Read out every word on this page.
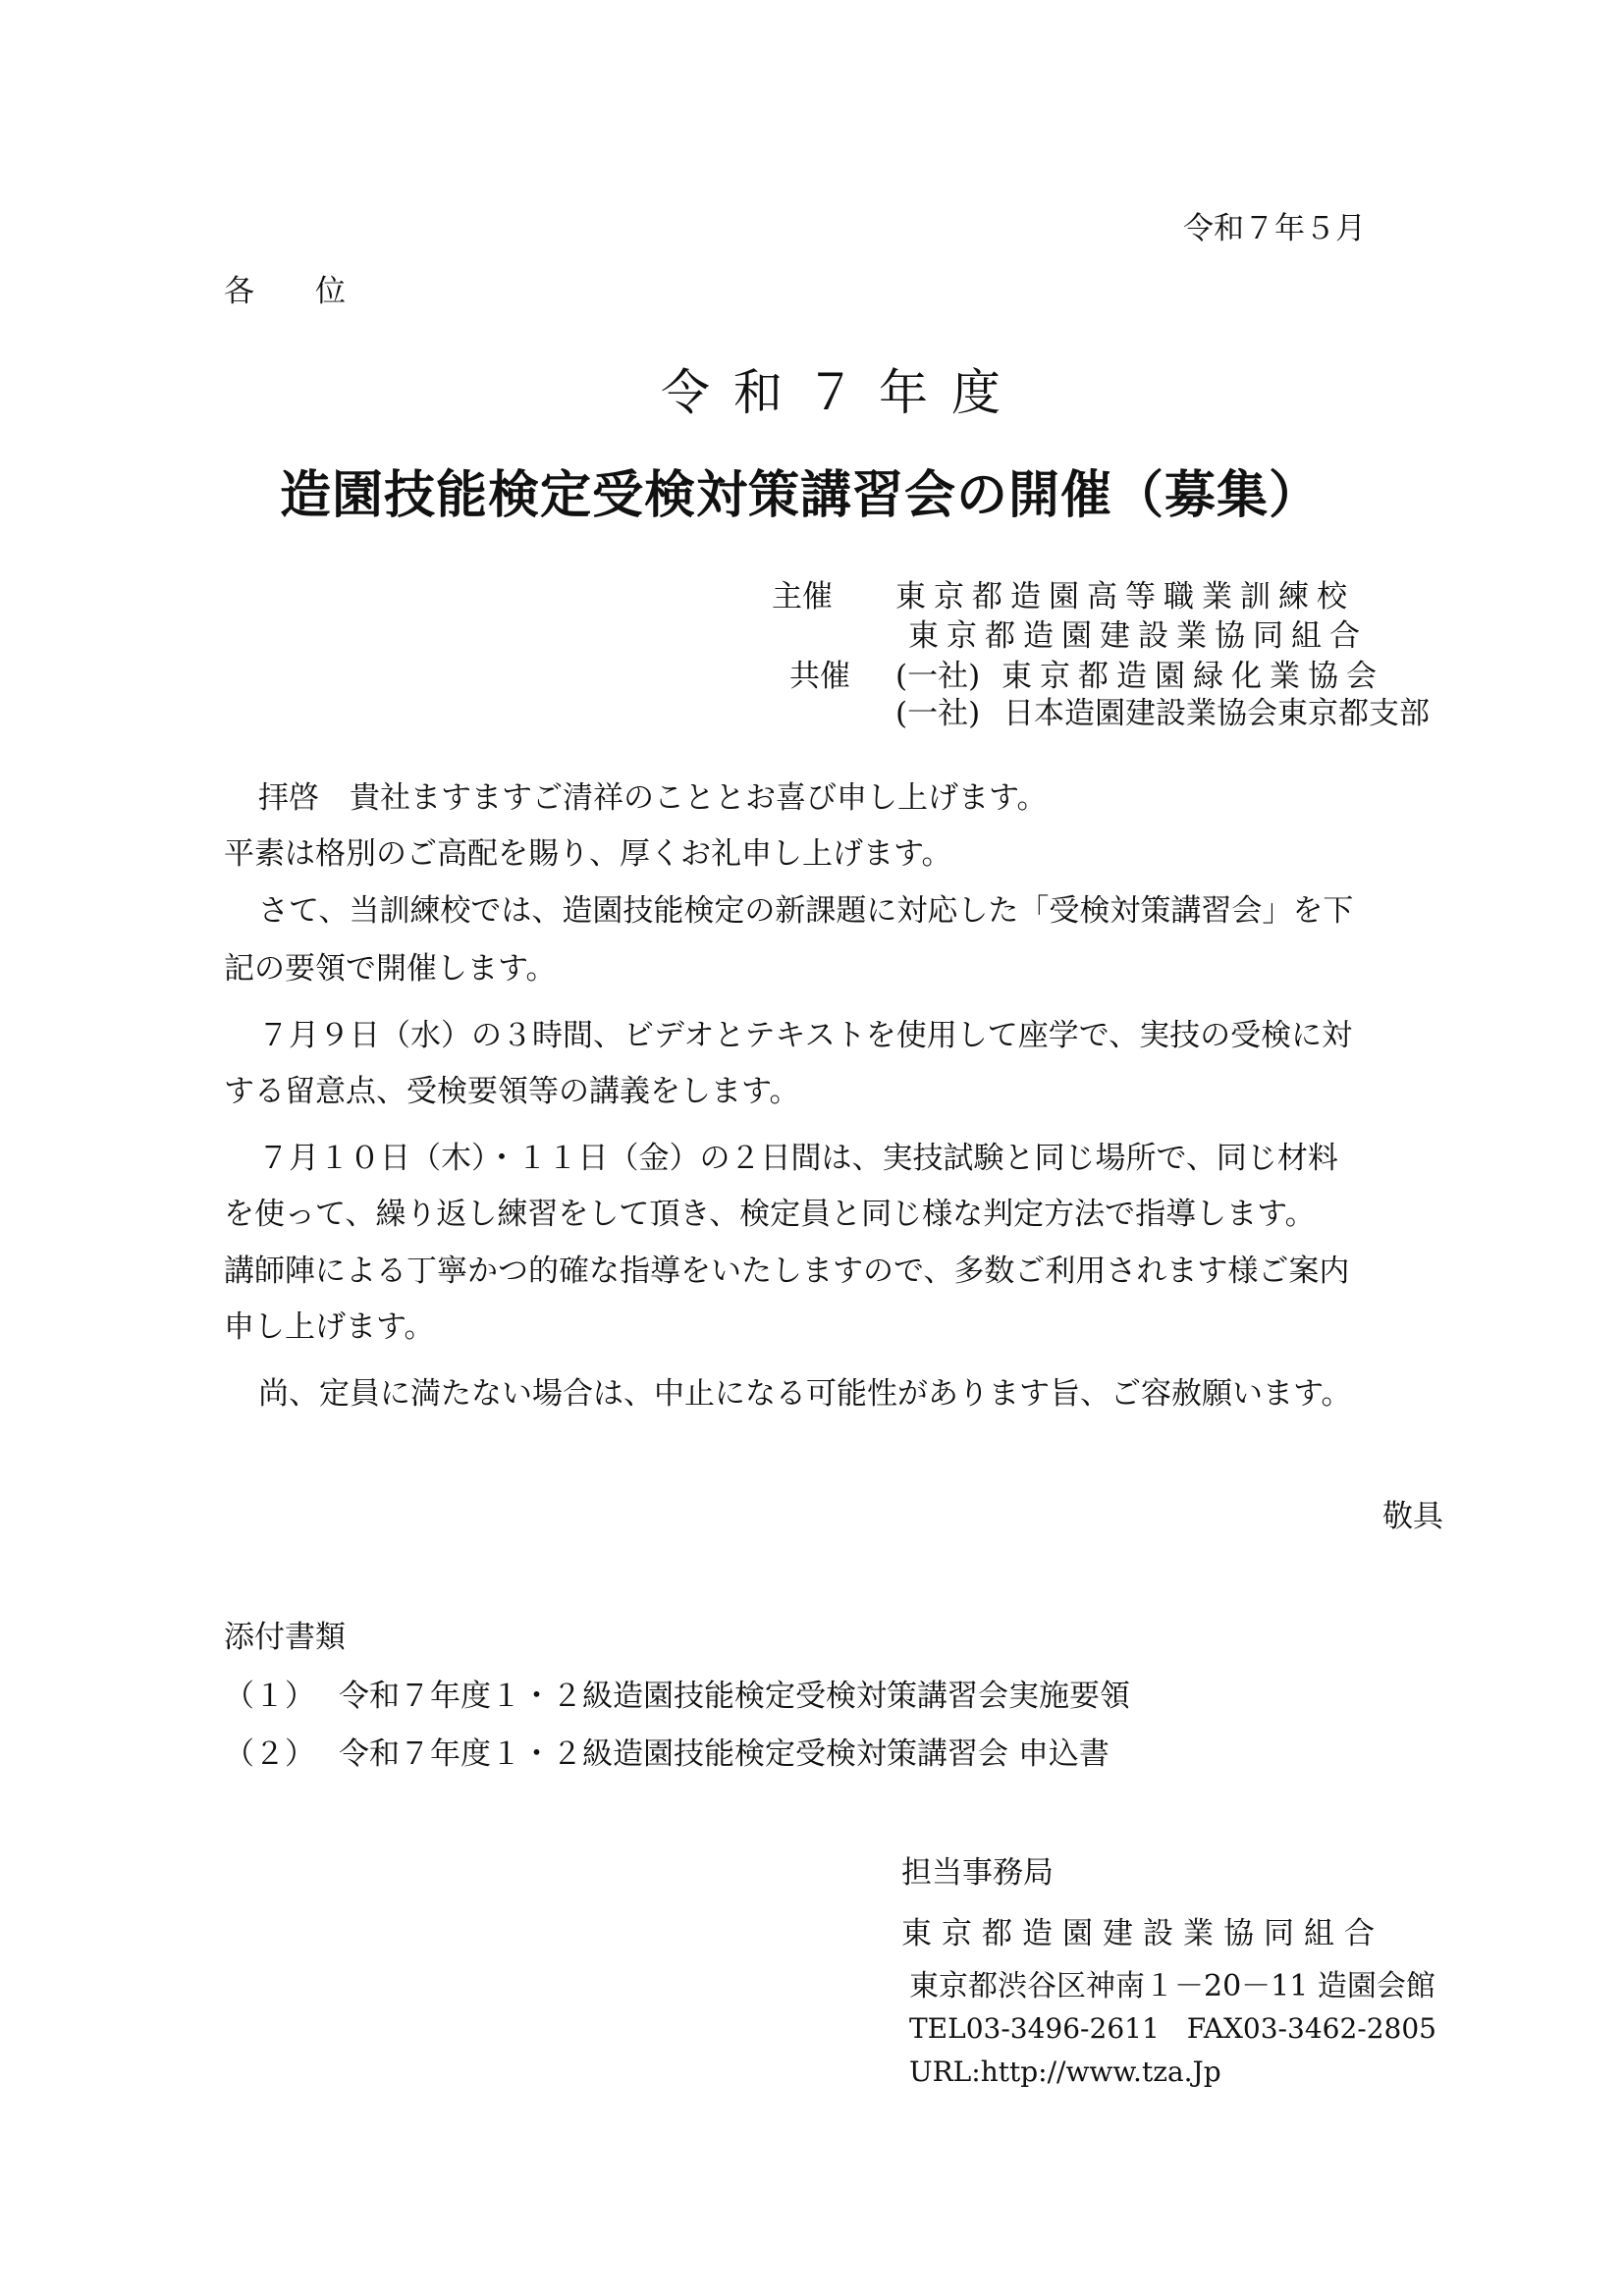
令和７年５月
各　　位
令和７年度
造園技能検定受検対策講習会の開催（募集）
主催 東京都造園高等職業訓練校
東京都造園建設業協同組合
共催 (一社) 東京都造園緑化業協会
(一社) 日本造園建設業協会東京都支部
拝啓　貴社ますますご清祥のこととお喜び申し上げます。
平素は格別のご高配を賜り、厚くお礼申し上げます。
さて、当訓練校では、造園技能検定の新課題に対応した「受検対策講習会」を下
記の要領で開催します。
７月９日（水）の３時間、ビデオとテキストを使用して座学で、実技の受検に対
する留意点、受検要領等の講義をします。
７月１０日（木）・１１日（金）の２日間は、実技試験と同じ場所で、同じ材料
を使って、繰り返し練習をして頂き、検定員と同じ様な判定方法で指導します。
講師陣による丁寧かつ的確な指導をいたしますので、多数ご利用されます様ご案内
申し上げます。
尚、定員に満たない場合は、中止になる可能性があります旨、ご容赦願います。
敬具
添付書類
（１） 令和７年度１・２級造園技能検定受検対策講習会実施要領
（２） 令和７年度１・２級造園技能検定受検対策講習会 申込書
担当事務局
東京都造園建設業協同組合
東京都渋谷区神南１－20－11 造園会館
TEL03-3496-2611　FAX03-3462-2805
URL:http://www.tza.Jp
